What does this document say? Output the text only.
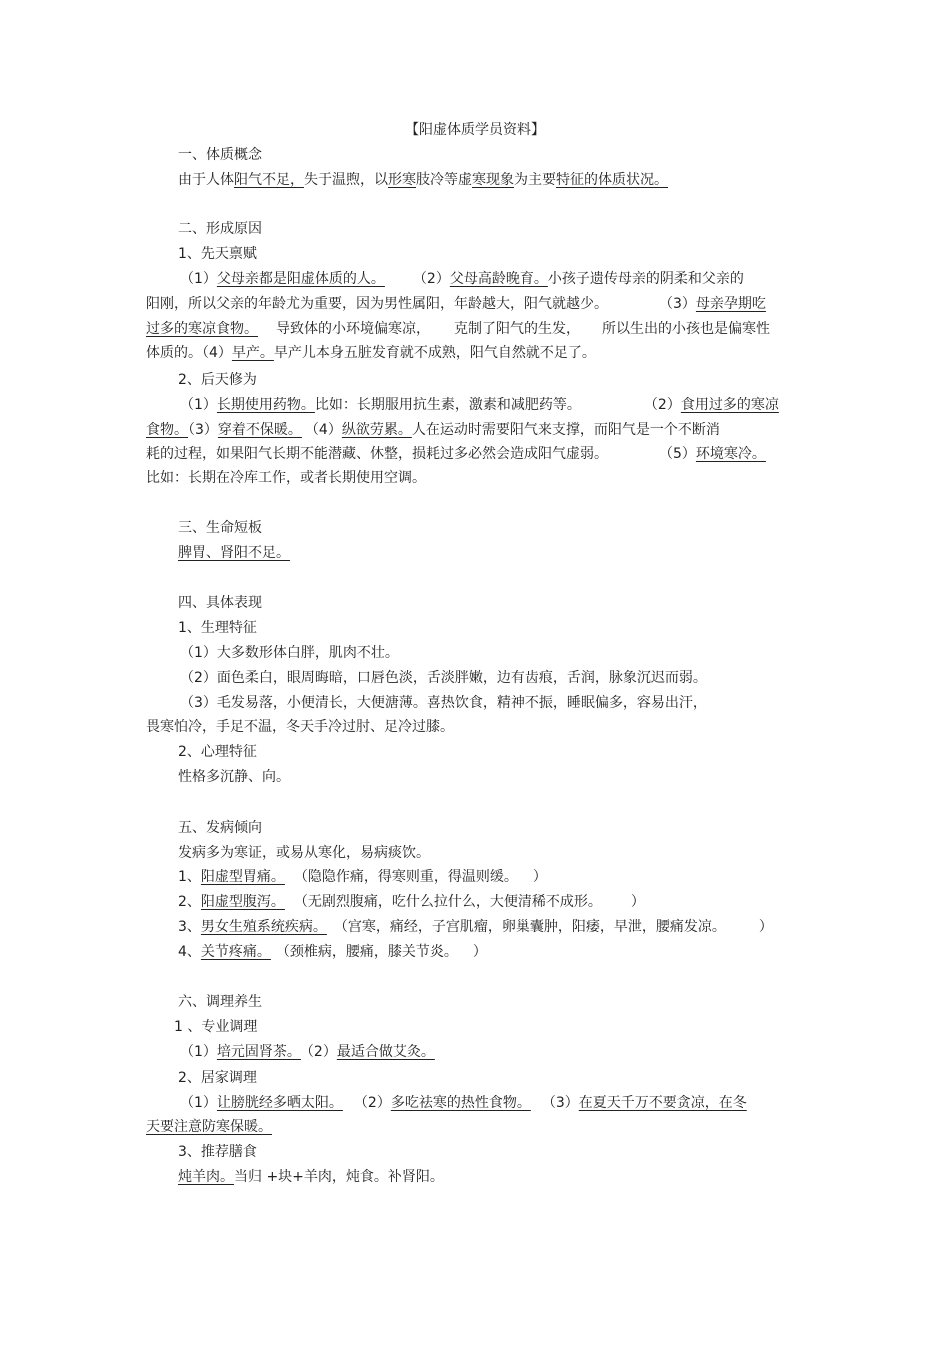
【阳虚体质学员资料】
一、体质概念
由于人体阳气不足，失于温煦，以形寒肢冷等虚寒现象为主要特征的体质状况。
二、形成原因
1、先天禀赋
（1）父母亲都是阳虚体质的人。 （2）父母高龄晚育。小孩子遗传母亲的阴柔和父亲的
阳刚，所以父亲的年龄尤为重要，因为男性属阳，年龄越大，阳气就越少。	（3）母亲孕期吃
过多的寒凉食物。 导致体的小环境偏寒凉， 克制了阳气的生发， 所以生出的小孩也是偏寒性
体质的。（4）早产。早产儿本身五脏发育就不成熟，阳气自然就不足了。
2、后天修为
（1）长期使用药物。比如：长期服用抗生素，激素和减肥药等。	（2）食用过多的寒凉
食物。（3）穿着不保暖。 （4）纵欲劳累。人在运动时需要阳气来支撑，而阳气是一个不断消
耗的过程，如果阳气长期不能潜藏、休整，损耗过多必然会造成阳气虚弱。	（5）环境寒冷。
比如：长期在冷库工作，或者长期使用空调。
三、生命短板
脾胃、肾阳不足。
四、具体表现
1、生理特征
（1）大多数形体白胖，肌肉不壮。
（2）面色柔白，眼周晦暗，口唇色淡，舌淡胖嫩，边有齿痕，舌润，脉象沉迟而弱。
（3）毛发易落，小便清长，大便溏薄。喜热饮食，精神不振，睡眠偏多，容易出汗，
畏寒怕冷，手足不温，冬天手冷过肘、足冷过膝。
2、心理特征
性格多沉静、向。
五、发病倾向
发病多为寒证，或易从寒化，易病痰饮。
1、阳虚型胃痛。 （隐隐作痛，得寒则重，得温则缓。 ）
2、阳虚型腹泻。 （无剧烈腹痛，吃什么拉什么，大便清稀不成形。	）
3、男女生殖系统疾病。 （宫寒，痛经，子宫肌瘤，卵巢囊肿，阳痿，早泄，腰痛发凉。	）
4、关节疼痛。 （颈椎病，腰痛，膝关节炎。 ）
六、调理养生
1 、专业调理
（1）培元固肾茶。 （2）最适合做艾灸。
2、居家调理
（1）让膀胱经多晒太阳。 （2）多吃祛寒的热性食物。 （3）在夏天千万不要贪凉，在冬
天要注意防寒保暖。
3、推荐膳食
炖羊肉。当归 +块+羊肉，炖食。补肾阳。
